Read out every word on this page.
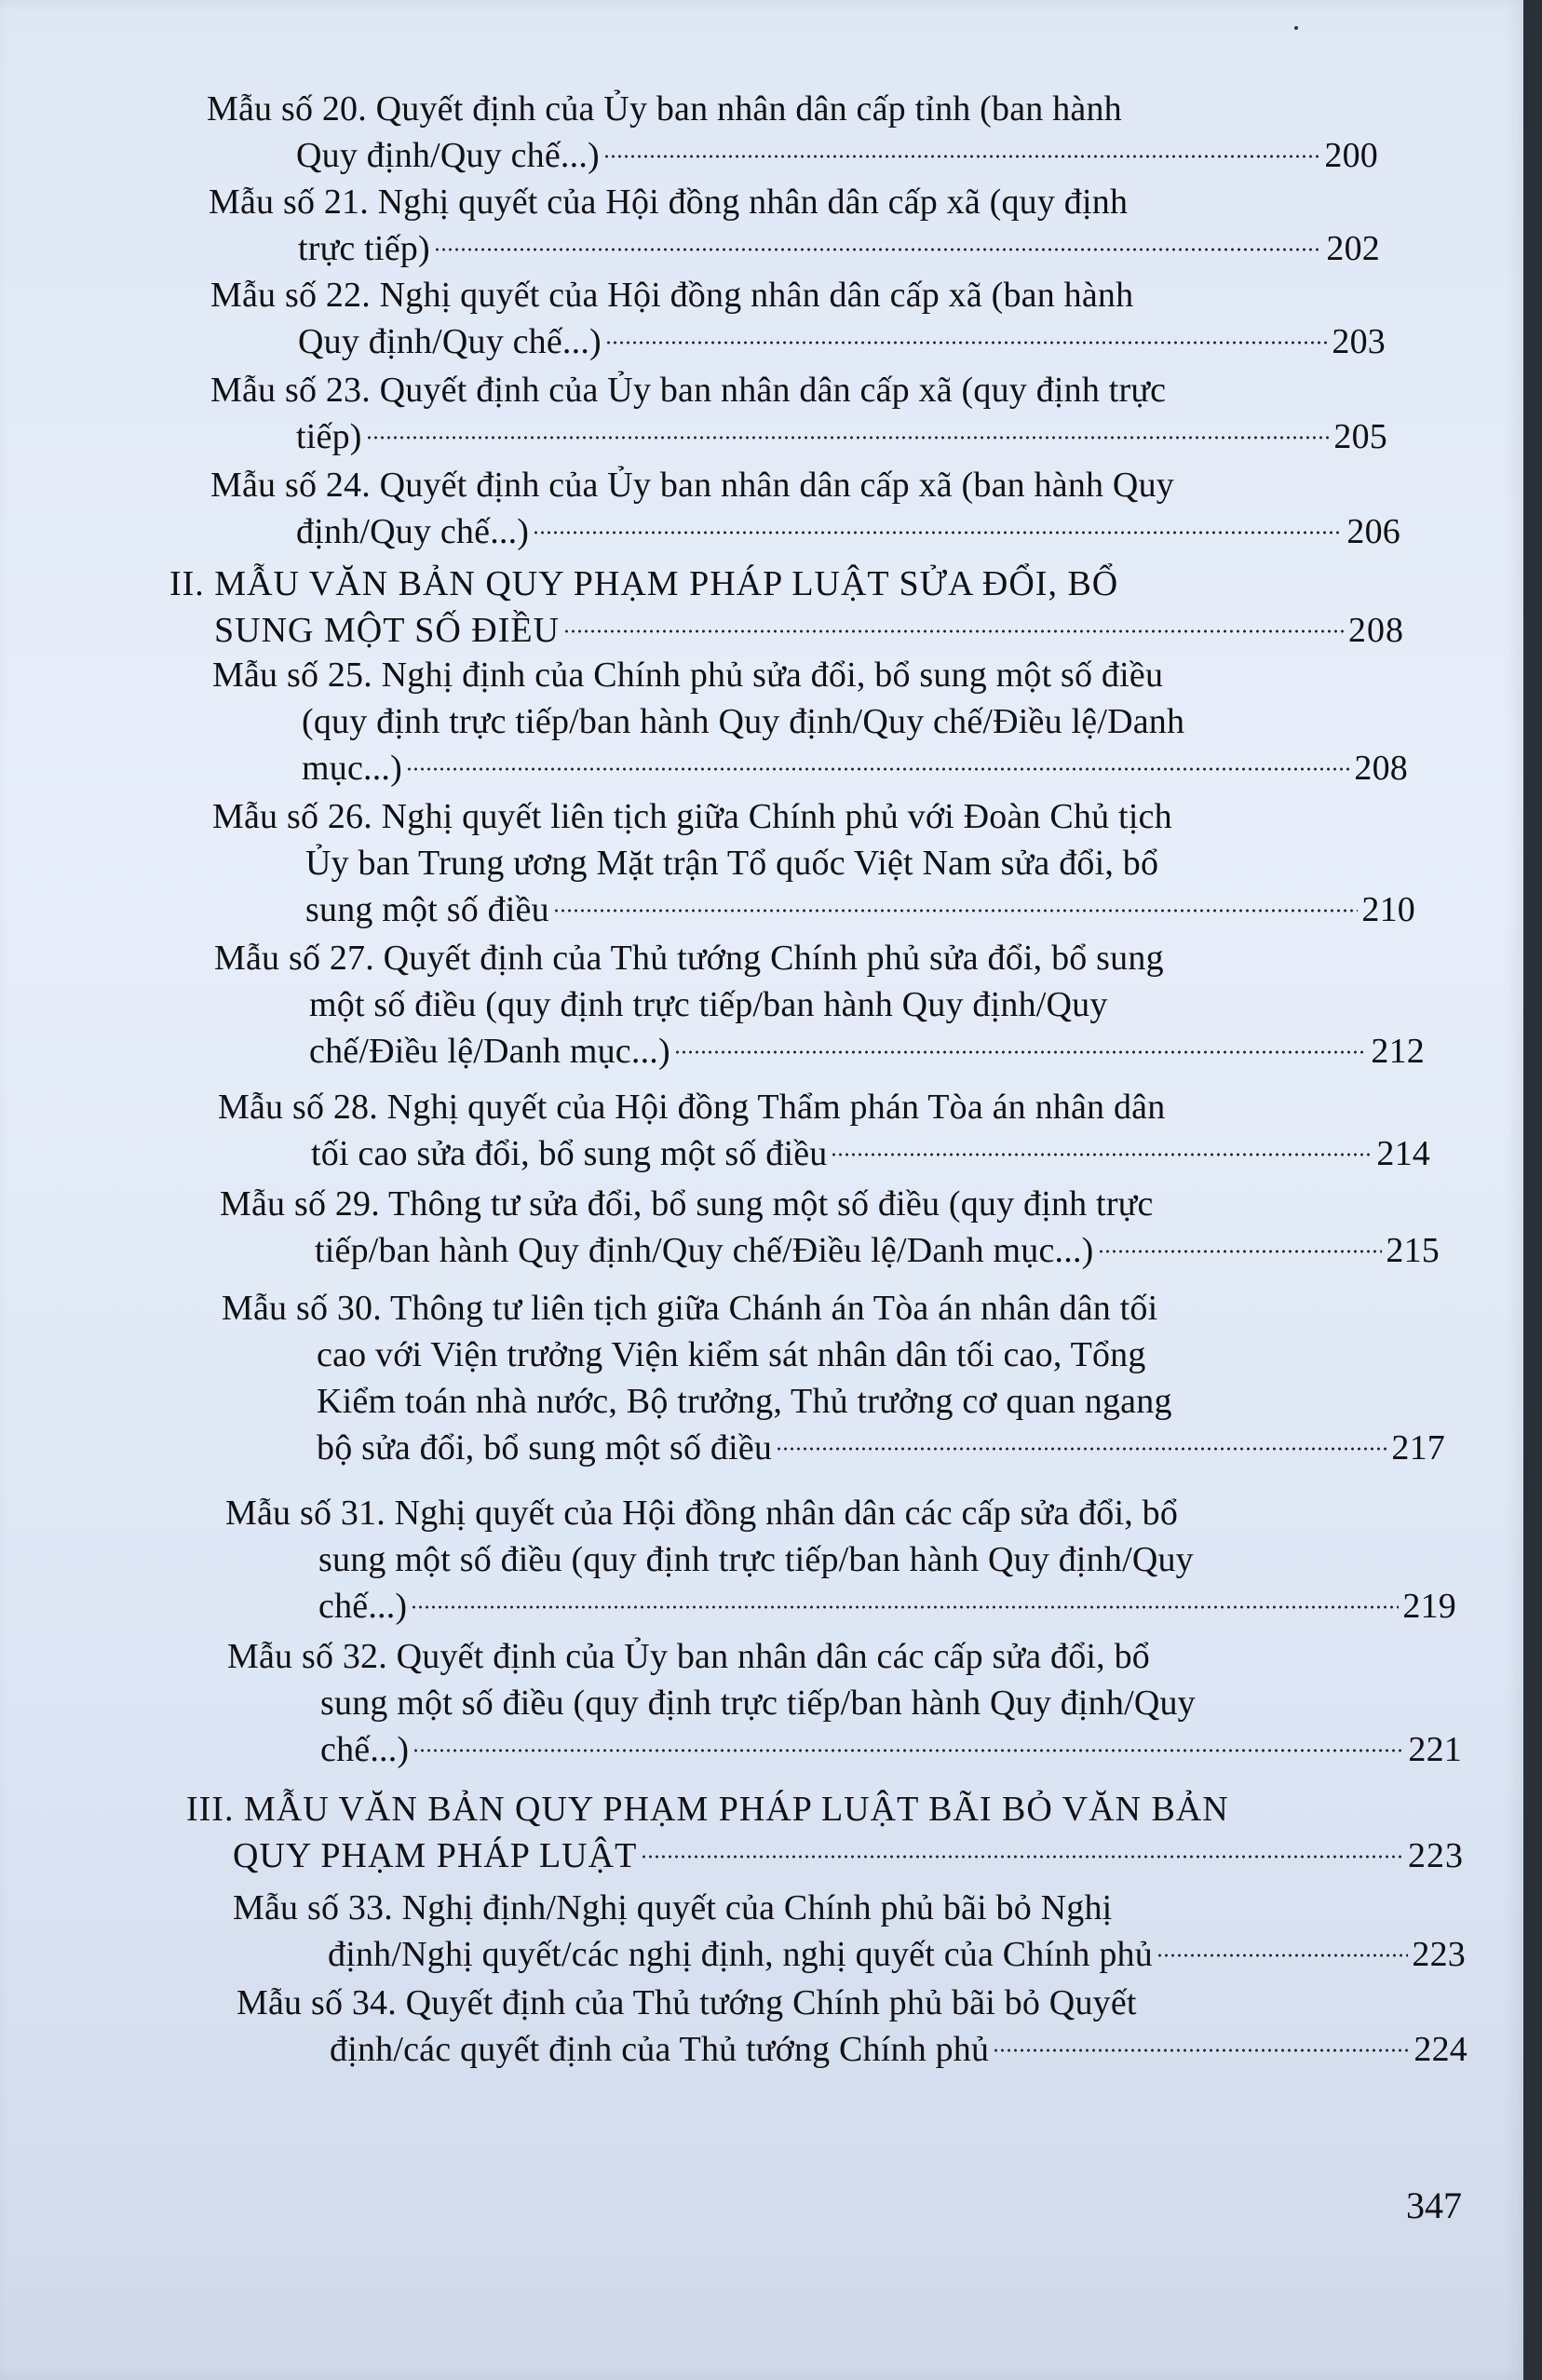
Mẫu số 20. Quyết định của Ủy ban nhân dân cấp tỉnh (ban hành
Quy định/Quy chế...)	200
Mẫu số 21. Nghị quyết của Hội đồng nhân dân cấp xã (quy định
trực tiếp)	202
Mẫu số 22. Nghị quyết của Hội đồng nhân dân cấp xã (ban hành
Quy định/Quy chế...)	203
Mẫu số 23. Quyết định của Ủy ban nhân dân cấp xã (quy định trực
tiếp)	205
Mẫu số 24. Quyết định của Ủy ban nhân dân cấp xã (ban hành Quy
định/Quy chế...)	206
II. MẪU VĂN BẢN QUY PHẠM PHÁP LUẬT SỬA ĐỔI, BỔ
SUNG MỘT SỐ ĐIỀU	208
Mẫu số 25. Nghị định của Chính phủ sửa đổi, bổ sung một số điều
(quy định trực tiếp/ban hành Quy định/Quy chế/Điều lệ/Danh
mục...)	208
Mẫu số 26. Nghị quyết liên tịch giữa Chính phủ với Đoàn Chủ tịch
Ủy ban Trung ương Mặt trận Tổ quốc Việt Nam sửa đổi, bổ
sung một số điều	210
Mẫu số 27. Quyết định của Thủ tướng Chính phủ sửa đổi, bổ sung
một số điều (quy định trực tiếp/ban hành Quy định/Quy
chế/Điều lệ/Danh mục...)	212
Mẫu số 28. Nghị quyết của Hội đồng Thẩm phán Tòa án nhân dân
tối cao sửa đổi, bổ sung một số điều	214
Mẫu số 29. Thông tư sửa đổi, bổ sung một số điều (quy định trực
tiếp/ban hành Quy định/Quy chế/Điều lệ/Danh mục...)	215
Mẫu số 30. Thông tư liên tịch giữa Chánh án Tòa án nhân dân tối
cao với Viện trưởng Viện kiểm sát nhân dân tối cao, Tổng
Kiểm toán nhà nước, Bộ trưởng, Thủ trưởng cơ quan ngang
bộ sửa đổi, bổ sung một số điều	217
Mẫu số 31. Nghị quyết của Hội đồng nhân dân các cấp sửa đổi, bổ
sung một số điều (quy định trực tiếp/ban hành Quy định/Quy
chế...)	219
Mẫu số 32. Quyết định của Ủy ban nhân dân các cấp sửa đổi, bổ
sung một số điều (quy định trực tiếp/ban hành Quy định/Quy
chế...)	221
III. MẪU VĂN BẢN QUY PHẠM PHÁP LUẬT BÃI BỎ VĂN BẢN
QUY PHẠM PHÁP LUẬT	223
Mẫu số 33. Nghị định/Nghị quyết của Chính phủ bãi bỏ Nghị
định/Nghị quyết/các nghị định, nghị quyết của Chính phủ	223
Mẫu số 34. Quyết định của Thủ tướng Chính phủ bãi bỏ Quyết
định/các quyết định của Thủ tướng Chính phủ	224
347
